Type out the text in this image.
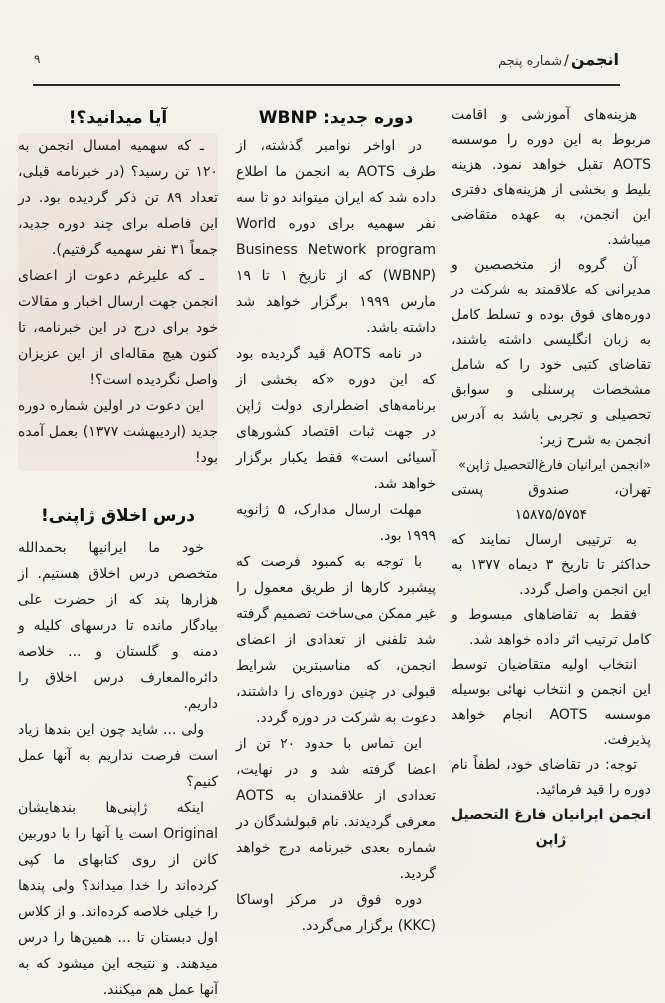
۹	انجمن/شماره پنجم

هزینه‌های آموزشی و اقامت مربوط به این دوره را موسسه AOTS تقبل خواهد نمود. هزینه بلیط و بخشی از هزینه‌های دفتری این انجمن، به عهده متقاضی میباشد.

آن گروه از متخصصین و مدیرانی که علاقمند به شرکت در دوره‌های فوق بوده و تسلط کامل به زبان انگلیسی داشته باشند، تقاضای کتبی خود را که شامل مشخصات پرسنلی و سوابق تحصیلی و تجربی باشد به آدرس انجمن به شرح زیر:

«انجمن ایرانیان فارغ‌التحصیل ژاپن»

تهران، صندوق پستی

۱۵۸۷۵/۵۷۵۴

به ترتیبی ارسال نمایند که حداکثر تا تاریخ ۳ دیماه ۱۳۷۷ به این انجمن واصل گردد.

فقط به تقاضاهای مبسوط و کامل ترتیب اثر داده خواهد شد.

انتخاب اولیه متقاضیان توسط این انجمن و انتخاب نهائی بوسیله موسسه AOTS انجام خواهد پذیرفت.

توجه: در تقاضای خود، لطفاً نام دوره را قید فرمائید.

انجمن ایرانیان فارغ التحصیل

ژاپن

دوره جدید: WBNP

در اواخر نوامبر گذشته، از طرف AOTS به انجمن ما اطلاع داده شد که ایران میتواند دو تا سه نفر سهمیه برای دوره World Business Network program (WBNP) که از تاریخ ۱ تا ۱۹ مارس ۱۹۹۹ برگزار خواهد شد داشته باشد.

در نامه AOTS قید گردیده بود که این دوره «که بخشی از برنامه‌های اضطراری دولت ژاپن در جهت ثبات اقتصاد کشورهای آسیائی است» فقط یکبار برگزار خواهد شد.

مهلت ارسال مدارک، ۵ ژانویه ۱۹۹۹ بود.

با توجه به کمبود فرصت که پیشبرد کارها از طریق معمول را غیر ممکن می‌ساخت تصمیم گرفته شد تلفنی از تعدادی از اعضای انجمن، که مناسبترین شرایط قبولی در چنین دوره‌ای را داشتند، دعوت به شرکت در دوره گردد.

این تماس با حدود ۲۰ تن از اعضا گرفته شد و در نهایت، تعدادی از علاقمندان به AOTS معرفی گردیدند. نام قبولشدگان در شماره بعدی خبرنامه درج خواهد گردید.

دوره فوق در مرکز اوساکا (KKC) برگزار می‌گردد.

آیا میدانید؟!

ـ که سهمیه امسال انجمن به ۱۲۰ تن رسید؟ (در خبرنامه قبلی، تعداد ۸۹ تن ذکر گردیده بود. در این فاصله برای چند دوره جدید، جمعاً ۳۱ نفر سهمیه گرفتیم).

ـ که علیرغم دعوت از اعضای انجمن جهت ارسال اخبار و مقالات خود برای درج در این خبرنامه، تا کنون هیچ مقاله‌ای از این عزیزان واصل نگردیده است؟!

این دعوت در اولین شماره دوره جدید (اردیبهشت ۱۳۷۷) بعمل آمده بود!

درس اخلاق ژاپنی!

خود ما ایرانیها بحمدالله متخصص درس اخلاق هستیم. از هزارها پند که از حضرت علی بیادگار مانده تا درسهای کلیله و دمنه و گلستان و ... خلاصه دائره‌المعارف درس اخلاق را داریم.

ولی ... شاید چون این بندها زیاد است فرصت نداریم به آنها عمل کنیم؟

اینکه ژاپنی‌ها بندهایشان Original است یا آنها را با دوربین کانن از روی کتابهای ما کپی کرده‌اند را خدا میداند؟ ولی پندها را خیلی خلاصه کرده‌اند. و از کلاس اول دبستان تا ... همین‌ها را درس میدهند. و نتیجه این میشود که به آنها عمل هم میکنند.
